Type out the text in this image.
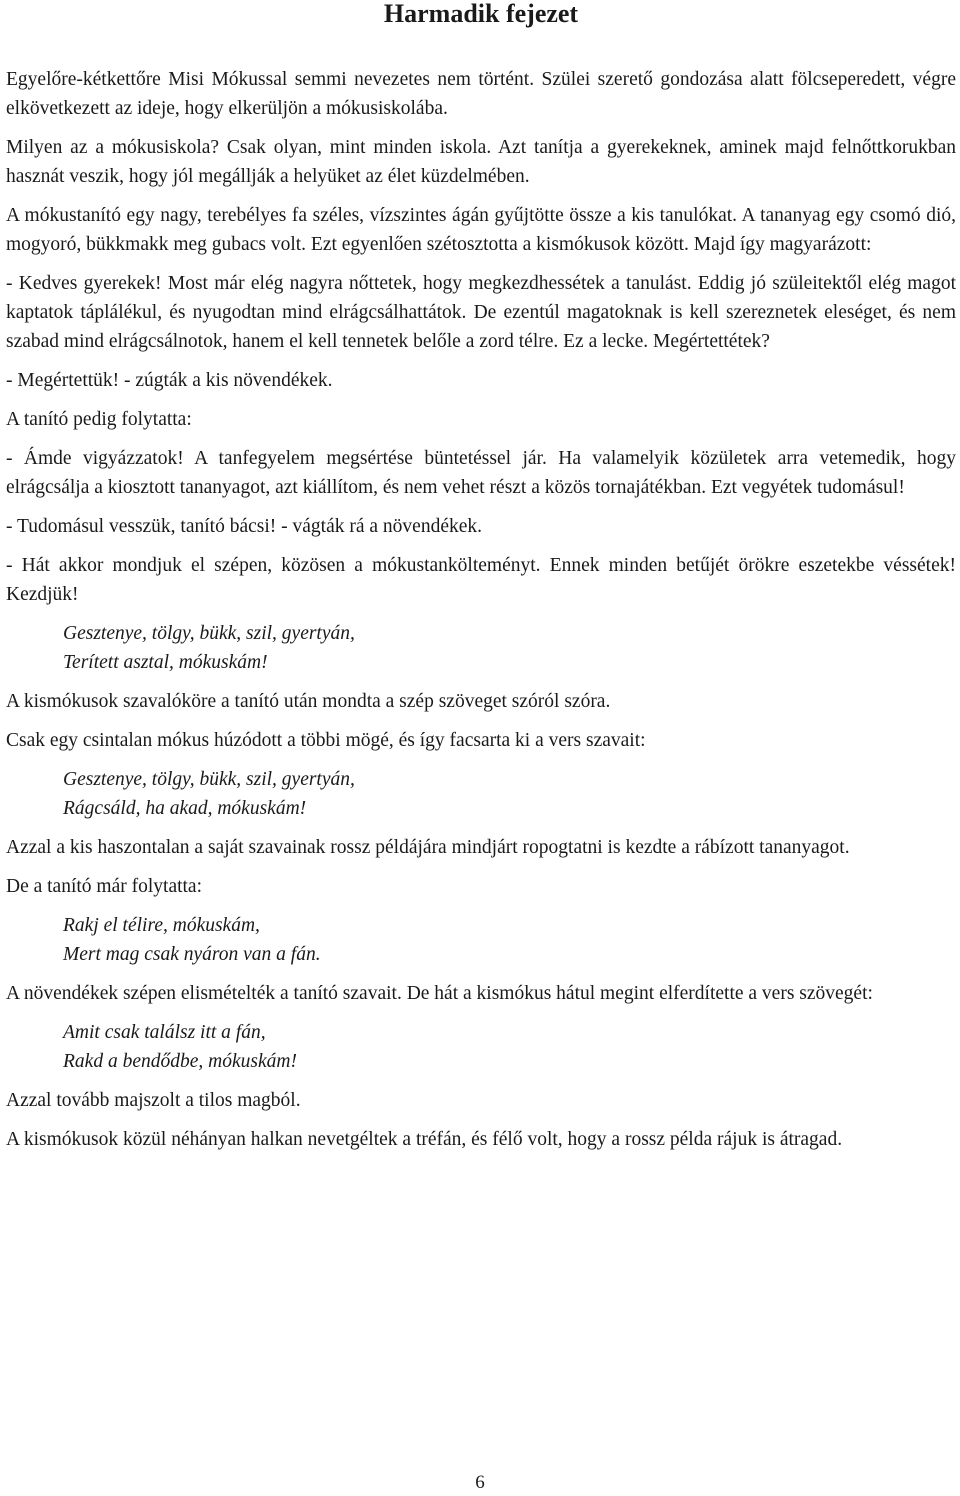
Harmadik fejezet

Egyelőre-kétkettőre Misi Mókussal semmi nevezetes nem történt. Szülei szerető gondozása alatt fölcseperedett, végre elkövetkezett az ideje, hogy elkerüljön a mókusiskolába.

Milyen az a mókusiskola? Csak olyan, mint minden iskola. Azt tanítja a gyerekeknek, aminek majd felnőttkorukban hasznát veszik, hogy jól megállják a helyüket az élet küzdelmében.

A mókustanító egy nagy, terebélyes fa széles, vízszintes ágán gyűjtötte össze a kis tanulókat. A tananyag egy csomó dió, mogyoró, bükkmakk meg gubacs volt. Ezt egyenlően szétosztotta a kismókusok között. Majd így magyarázott:

- Kedves gyerekek! Most már elég nagyra nőttetek, hogy megkezdhessétek a tanulást. Eddig jó szüleitektől elég magot kaptatok táplálékul, és nyugodtan mind elrágcsálhattátok. De ezentúl magatoknak is kell szereznetek eleséget, és nem szabad mind elrágcsálnotok, hanem el kell tennetek belőle a zord télre. Ez a lecke. Megértettétek?

- Megértettük! - zúgták a kis növendékek.

A tanító pedig folytatta:

- Ámde vigyázzatok! A tanfegyelem megsértése büntetéssel jár. Ha valamelyik közületek arra vetemedik, hogy elrágcsálja a kiosztott tananyagot, azt kiállítom, és nem vehet részt a közös tornajátékban. Ezt vegyétek tudomásul!

- Tudomásul vesszük, tanító bácsi! - vágták rá a növendékek.

- Hát akkor mondjuk el szépen, közösen a mókustankölteményt. Ennek minden betűjét örökre eszetekbe véssétek! Kezdjük!

Gesztenye, tölgy, bükk, szil, gyertyán,
Terített asztal, mókuskám!

A kismókusok szavalóköre a tanító után mondta a szép szöveget szóról szóra.

Csak egy csintalan mókus húzódott a többi mögé, és így facsarta ki a vers szavait:

Gesztenye, tölgy, bükk, szil, gyertyán,
Rágcsáld, ha akad, mókuskám!

Azzal a kis haszontalan a saját szavainak rossz példájára mindjárt ropogtatni is kezdte a rábízott tananyagot.

De a tanító már folytatta:

Rakj el télire, mókuskám,
Mert mag csak nyáron van a fán.

A növendékek szépen elismételték a tanító szavait. De hát a kismókus hátul megint elferdítette a vers szövegét:

Amit csak találsz itt a fán,
Rakd a bendődbe, mókuskám!

Azzal tovább majszolt a tilos magból.

A kismókusok közül néhányan halkan nevetgéltek a tréfán, és félő volt, hogy a rossz példa rájuk is átragad.

6
